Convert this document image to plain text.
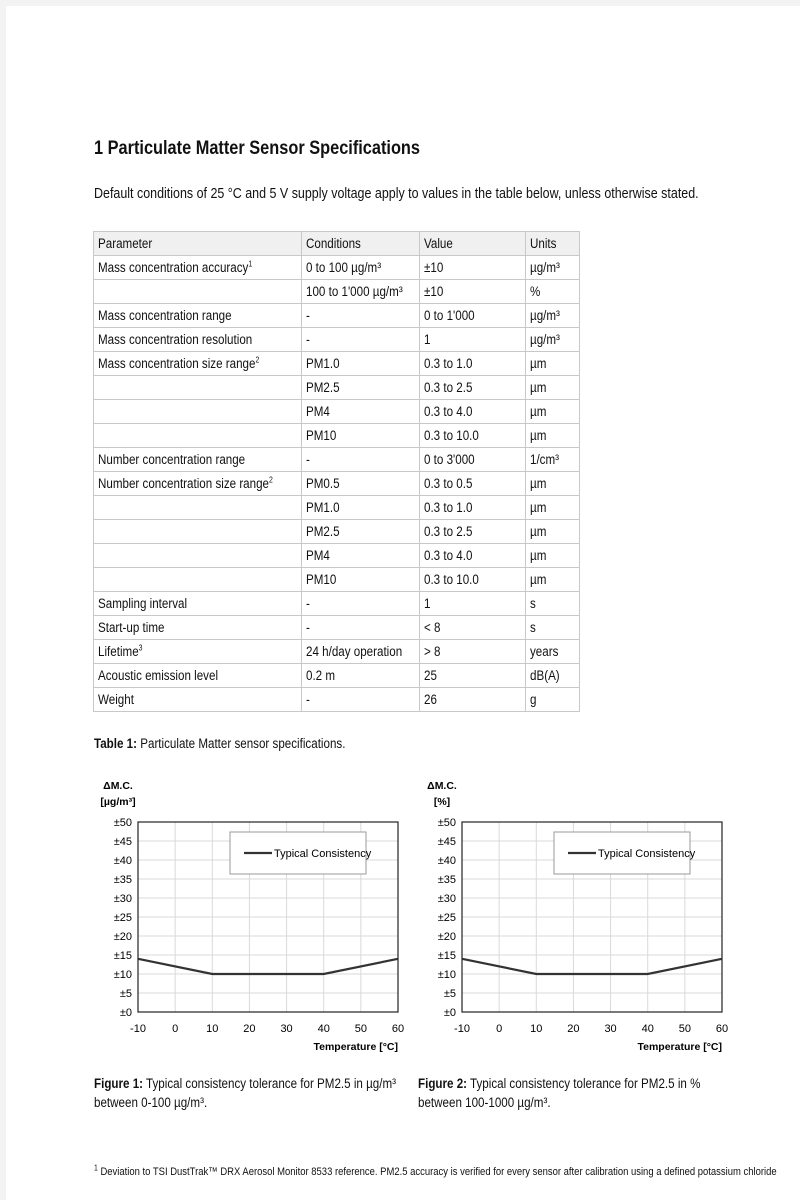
1 Particulate Matter Sensor Specifications
Default conditions of 25 °C and 5 V supply voltage apply to values in the table below, unless otherwise stated.
Parameter	Conditions	Value	Units
Mass concentration accuracy$^1$	0 to 100 µg/m³	±10	µg/m³
	100 to 1'000 µg/m³	±10	%
Mass concentration range	-	0 to 1'000	µg/m³
Mass concentration resolution	-	1	µg/m³
Mass concentration size range$^2$	PM1.0	0.3 to 1.0	µm
	PM2.5	0.3 to 2.5	µm
	PM4	0.3 to 4.0	µm
	PM10	0.3 to 10.0	µm
Number concentration range	-	0 to 3'000	1/cm³
Number concentration size range$^2$	PM0.5	0.3 to 0.5	µm
	PM1.0	0.3 to 1.0	µm
	PM2.5	0.3 to 2.5	µm
	PM4	0.3 to 4.0	µm
	PM10	0.3 to 10.0	µm
Sampling interval	-	1	s
Start-up time	-	< 8	s
Lifetime$^3$	24 h/day operation	> 8	years
Acoustic emission level	0.2 m	25	dB(A)
Weight	-	26	g
Table 1: Particulate Matter sensor specifications.
ΔM.C.
[µg/m³]
±0
±5
±10
±15
±20
±25
±30
±35
±40
±45
±50
-10 0	10 20 30 40 50 60
Temperature [°C]
Typical Consistency
ΔM.C.
[%]
±0
±5
±10
±15
±20
±25
±30
±35
±40
±45
±50
-10 0	10 20 30 40 50 60
Temperature [°C]
Typical Consistency
Figure 1: Typical consistency tolerance for PM2.5 in µg/m³
between 0-100 µg/m³.
Figure 2: Typical consistency tolerance for PM2.5 in %
between 100-1000 µg/m³.
$^1$ Deviation to TSI DustTrak™ DRX Aerosol Monitor 8533 reference. PM2.5 accuracy is verified for every sensor after calibration using a defined potassium chloride
